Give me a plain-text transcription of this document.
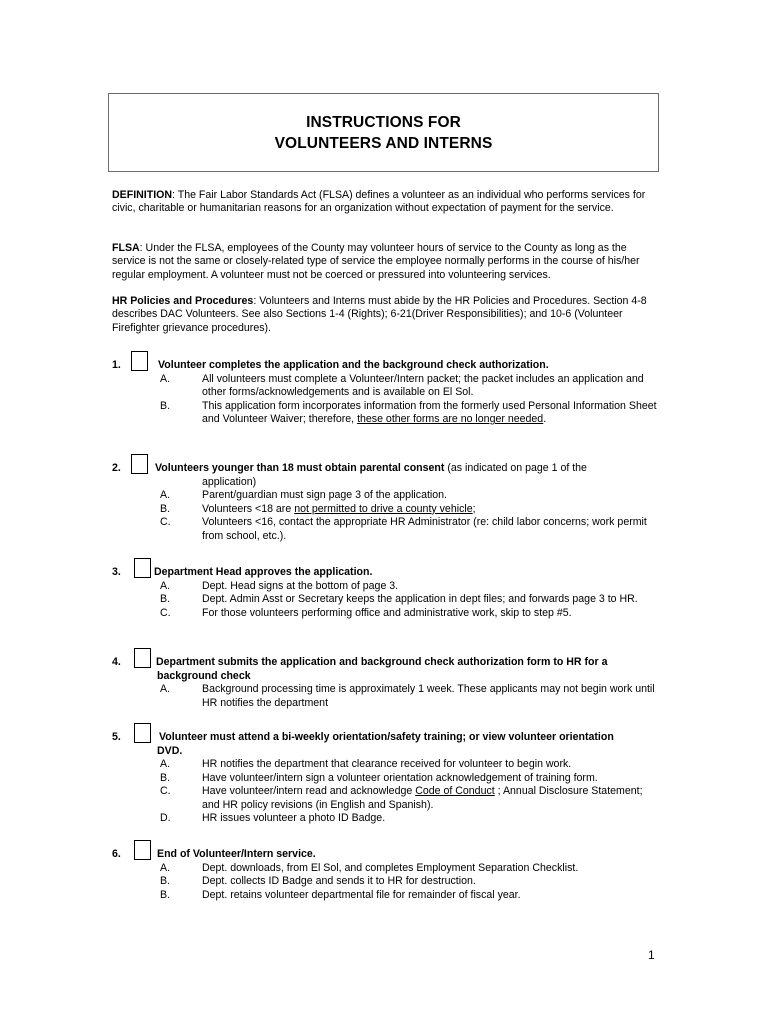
INSTRUCTIONS FOR
VOLUNTEERS AND INTERNS
DEFINITION: The Fair Labor Standards Act (FLSA) defines a volunteer as an individual who performs services for civic, charitable or humanitarian reasons for an organization without expectation of payment for the service.
FLSA: Under the FLSA, employees of the County may volunteer hours of service to the County as long as the service is not the same or closely-related type of service the employee normally performs in the course of his/her regular employment. A volunteer must not be coerced or pressured into volunteering services.
HR Policies and Procedures: Volunteers and Interns must abide by the HR Policies and Procedures. Section 4-8 describes DAC Volunteers. See also Sections 1-4 (Rights); 6-21(Driver Responsibilities); and 10-6 (Volunteer Firefighter grievance procedures).
1.	Volunteer completes the application and the background check authorization.
A.	All volunteers must complete a Volunteer/Intern packet; the packet includes an application and other forms/acknowledgements and is available on El Sol.
B.	This application form incorporates information from the formerly used Personal Information Sheet and Volunteer Waiver; therefore, these other forms are no longer needed.
2.	Volunteers younger than 18 must obtain parental consent (as indicated on page 1 of the
application)
A.	Parent/guardian must sign page 3 of the application.
B.	Volunteers <18 are not permitted to drive a county vehicle;
C.	Volunteers <16, contact the appropriate HR Administrator (re: child labor concerns; work permit from school, etc.).
3.	Department Head approves the application.
A.	Dept. Head signs at the bottom of page 3.
B.	Dept. Admin Asst or Secretary keeps the application in dept files; and forwards page 3 to HR.
C.	For those volunteers performing office and administrative work, skip to step #5.
4.	Department submits the application and background check authorization form to HR for a
background check
A.	Background processing time is approximately 1 week. These applicants may not begin work until HR notifies the department
5.	Volunteer must attend a bi-weekly orientation/safety training; or view volunteer orientation
DVD.
A.	HR notifies the department that clearance received for volunteer to begin work.
B.	Have volunteer/intern sign a volunteer orientation acknowledgement of training form.
C.	Have volunteer/intern read and acknowledge Code of Conduct ; Annual Disclosure Statement; and HR policy revisions (in English and Spanish).
D.	HR issues volunteer a photo ID Badge.
6.	End of Volunteer/Intern service.
A.	Dept. downloads, from El Sol, and completes Employment Separation Checklist.
B.	Dept. collects ID Badge and sends it to HR for destruction.
B.	Dept. retains volunteer departmental file for remainder of fiscal year.
1
